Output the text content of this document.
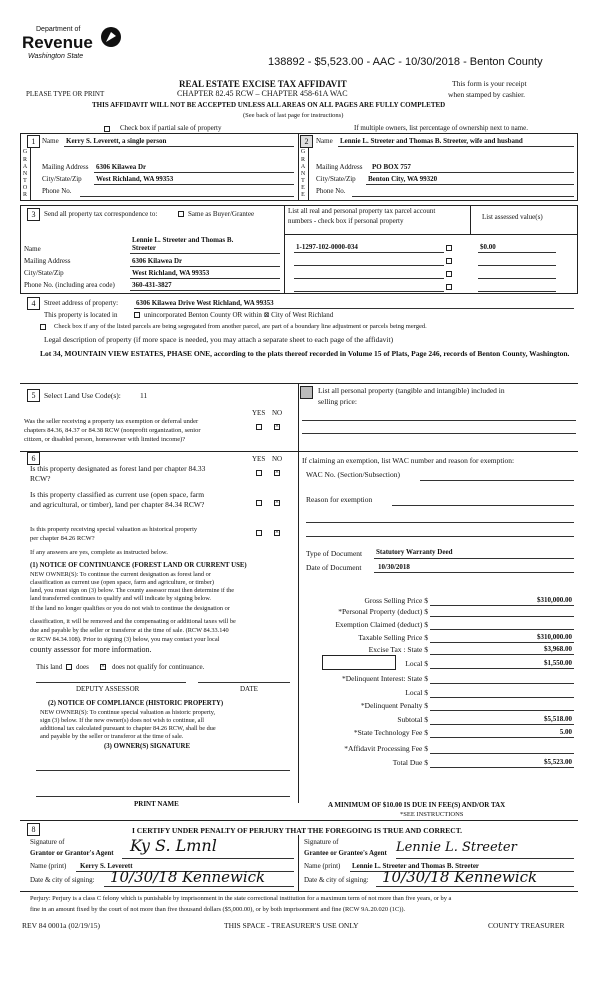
Department of
Revenue
Washington State	138892 - $5,523.00 - AAC - 10/30/2018 - Benton County
REAL ESTATE EXCISE TAX AFFIDAVIT
CHAPTER 82.45 RCW – CHAPTER 458-61A WAC
PLEASE TYPE OR PRINT
This form is your receipt
when stamped by cashier.
THIS AFFIDAVIT WILL NOT BE ACCEPTED UNLESS ALL AREAS ON ALL PAGES ARE FULLY COMPLETED
(See back of last page for instructions)
Check box if partial sale of property	If multiple owners, list percentage of ownership next to name.
1 Name Kerry S. Leverett, a single person
G
R
A
N
T
O
R
Mailing Address 6306 Kilawea Dr
City/State/Zip West Richland, WA 99353
Phone No.
2	Name Lennie L. Streeter and Thomas B. Streeter, wife and husband
G
R
A
N
T
E
E
Mailing Address PO BOX 757
City/State/Zip Benton City, WA 99320
Phone No.
3	Send all property tax correspondence to:	Same as Buyer/Grantee	List all real and personal property tax parcel account
numbers - check box if personal property	List assessed value(s)
Lennie L. Streeter and Thomas B.
Name	Streeter
Mailing Address	6306 Kilawea Dr
City/State/Zip	West Richland, WA 99353
Phone No. (including area code) 360-431-3827
1-1297-102-0000-034	$0.00
4	Street address of property:	6306 Kilawea Drive West Richland, WA 99353
This property is located in	unincorporated Benton County OR within ⊠ City of West Richland
Check box if any of the listed parcels are being segregated from another parcel, are part of a boundary line adjustment or parcels being merged.
Legal description of property (if more space is needed, you may attach a separate sheet to each page of the affidavit)
Lot 34, MOUNTAIN VIEW ESTATES, PHASE ONE, according to the plats thereof recorded in Volume 15 of Plats, Page 246, records of Benton County, Washington.
5	Select Land Use Code(s):	11
YES NO
Was the seller receiving a property tax exemption or deferral under
chapters 84.36, 84.37 or 84.38 RCW (nonprofit organization, senior
citizen, or disabled person, homeowner with limited income)?
×
6	YES NO
Is this property designated as forest land per chapter 84.33
RCW?
×
Is this property classified as current use (open space, farm
and agricultural, or timber), land per chapter 84.34 RCW?
×
Is this property receiving special valuation as historical property
per chapter 84.26 RCW?
×
If any answers are yes, complete as instructed below.
(1) NOTICE OF CONTINUANCE (FOREST LAND OR CURRENT USE)
NEW OWNER(S): To continue the current designation as forest land or
classification as current use (open space, farm and agriculture, or timber)
land, you must sign on (3) below. The county assessor must then determine if the
land transferred continues to qualify and will indicate by signing below.
If the land no longer qualifies or you do not wish to continue the designation or
classification, it will be removed and the compensating or additional taxes will be
due and payable by the seller or transferor at the time of sale. (RCW 84.33.140
or RCW 84.34.108). Prior to signing (3) below, you may contact your local
county assessor for more information.
This land does
×	does not qualify for continuance.
DEPUTY ASSESSOR	DATE
(2) NOTICE OF COMPLIANCE (HISTORIC PROPERTY)
NEW OWNER(S): To continue special valuation as historic property,
sign (3) below. If the new owner(s) does not wish to continue, all
additional tax calculated pursuant to chapter 84.26 RCW, shall be due
and payable by the seller or transferor at the time of sale.
(3) OWNER(S) SIGNATURE
PRINT NAME
List all personal property (tangible and intangible) included in
selling price:
If claiming an exemption, list WAC number and reason for exemption:
WAC No. (Section/Subsection)
Reason for exemption
Type of Document Statutory Warranty Deed
Date of Document 10/30/2018
Gross Selling Price $	$310,000.00
*Personal Property (deduct) $
Exemption Claimed (deduct) $
Taxable Selling Price $	$310,000.00
Excise Tax : State $	$3,968.00
Local $	$1,550.00
*Delinquent Interest: State $
Local $
*Delinquent Penalty $
Subtotal $	$5,518.00
*State Technology Fee $	5.00
*Affidavit Processing Fee $
Total Due $	$5,523.00
A MINIMUM OF $10.00 IS DUE IN FEE(S) AND/OR TAX
*SEE INSTRUCTIONS
8	I CERTIFY UNDER PENALTY OF PERJURY THAT THE FOREGOING IS TRUE AND CORRECT.
Signature of
Grantor or Grantor's Agent Ky S. Lmnl
Name (print) Kerry S. Leverett
Date & city of signing: 10/30/18 Kennewick
Signature of
Grantee or Grantee's Agent Lennie L. Streeter
Name (print) Lennie L. Streeter and Thomas B. Streeter
Date & city of signing: 10/30/18 Kennewick
Perjury: Perjury is a class C felony which is punishable by imprisonment in the state correctional institution for a maximum term of not more than five years, or by a
fine in an amount fixed by the court of not more than five thousand dollars ($5,000.00), or by both imprisonment and fine (RCW 9A.20.020 (1C)).
REV 84 0001a (02/19/15)	THIS SPACE - TREASURER'S USE ONLY	COUNTY TREASURER
